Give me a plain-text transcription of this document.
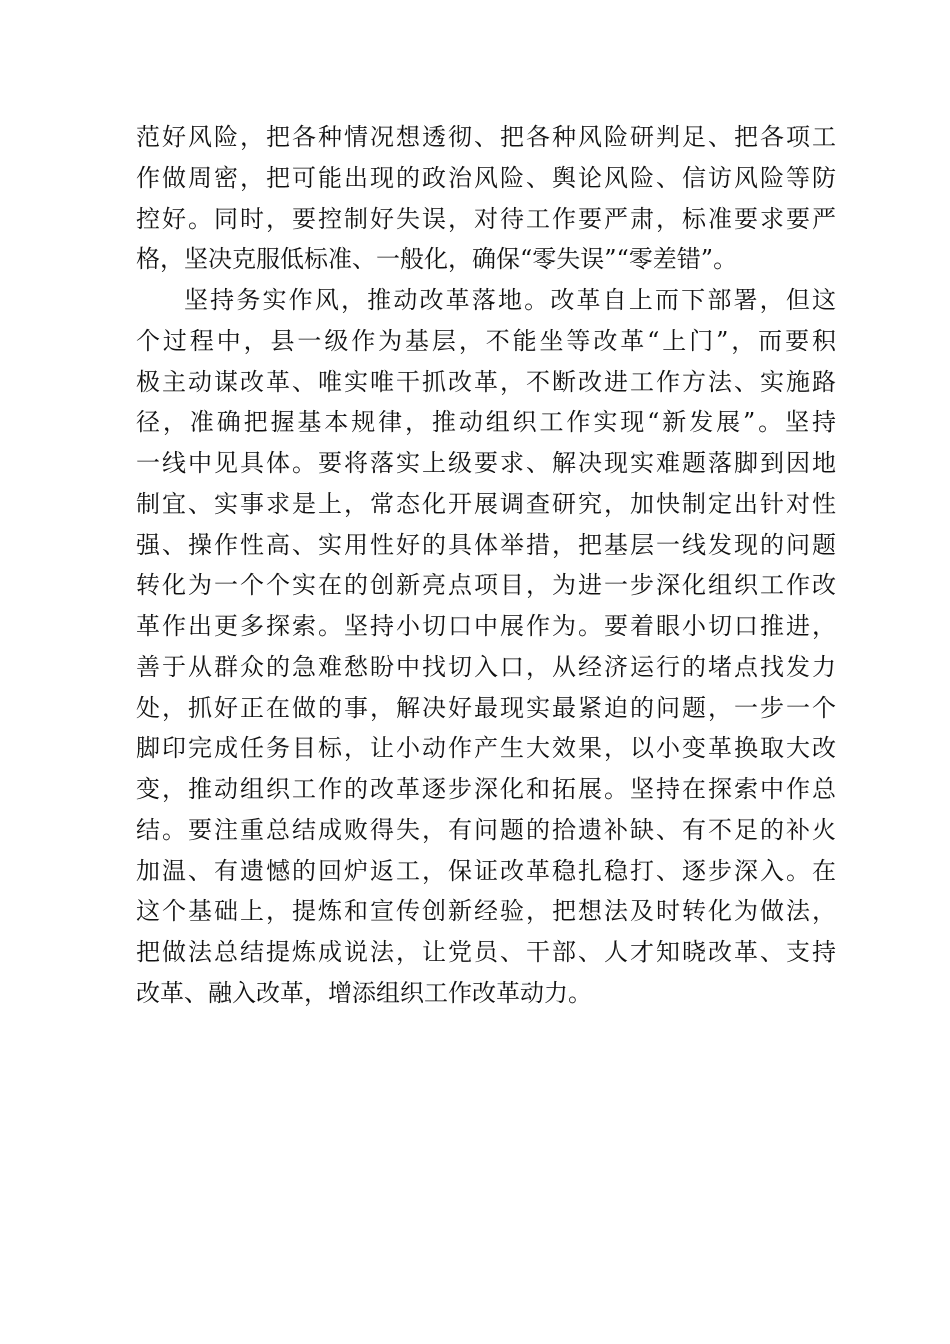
范好风险，把各种情况想透彻、把各种风险研判足、把各项工
作做周密，把可能出现的政治风险、舆论风险、信访风险等防
控好。同时，要控制好失误，对待工作要严肃，标准要求要严
格，坚决克服低标准、一般化，确保“零失误”“零差错”。
坚持务实作风，推动改革落地。改革自上而下部署，但这
个过程中，县一级作为基层，不能坐等改革“上门”，而要积
极主动谋改革、唯实唯干抓改革，不断改进工作方法、实施路
径，准确把握基本规律，推动组织工作实现“新发展”。坚持
一线中见具体。要将落实上级要求、解决现实难题落脚到因地
制宜、实事求是上，常态化开展调查研究，加快制定出针对性
强、操作性高、实用性好的具体举措，把基层一线发现的问题
转化为一个个实在的创新亮点项目，为进一步深化组织工作改
革作出更多探索。坚持小切口中展作为。要着眼小切口推进，
善于从群众的急难愁盼中找切入口，从经济运行的堵点找发力
处，抓好正在做的事，解决好最现实最紧迫的问题，一步一个
脚印完成任务目标，让小动作产生大效果，以小变革换取大改
变，推动组织工作的改革逐步深化和拓展。坚持在探索中作总
结。要注重总结成败得失，有问题的拾遗补缺、有不足的补火
加温、有遗憾的回炉返工，保证改革稳扎稳打、逐步深入。在
这个基础上，提炼和宣传创新经验，把想法及时转化为做法，
把做法总结提炼成说法，让党员、干部、人才知晓改革、支持
改革、融入改革，增添组织工作改革动力。
